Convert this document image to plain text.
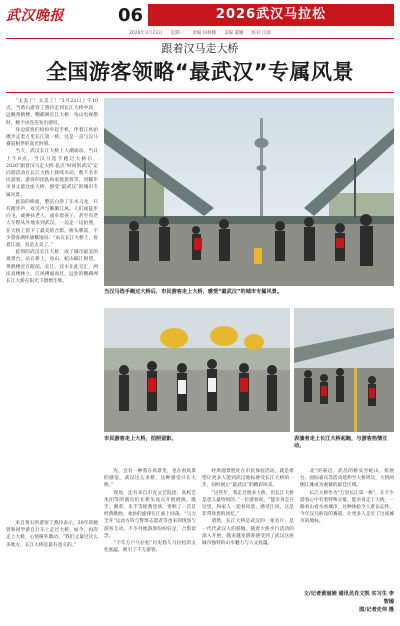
武汉晚报	06	2026武汉马拉松
2026年3月23日 星期一 责编 何林娜 美编 董姗 校对 江晴
跟着汉马走大桥
全国游客领略“最武汉”专属风景

“太美了！太美了！”3月22日上午10点，当黄石游客丁燕玲走到长江大桥中段，远眺黄鹤楼、鹦鹉洲长江大桥、龟山电视塔时，她不由连连发出感叹。

身边游客们纷纷举起手机，伴着江风拍摄步走着万里长江第一桥。这是一直与汉马赛道相伴的高光时刻。

当天，武汉长江大桥上人潮涌动。当日上午9点，当汉马选手跑过大桥后，2026“跟着汉马走大桥·花点”时间的武汉”定向游活动在长江大桥上接续水动，数千名市民游客、游客的团队和家庭旅客等，用脚步亲身丈量这座大桥，感受“最武汉”的城市专属风景。

此前的桥面，整洁白净了车水马龙，只有踏步声、欢笑声与鹅鹅江风。人们或徒步向飞，或搀扶老人、或牵着孩子，甚至有老人专程从外地来到武汉，一边走一边拍照，在大桥上留下了最美的合影。桥头牌前，不少游客满怀感慨地说：“站在长江大桥上，看着江面，真是太美了。”

此刻的武汉长江大桥，成了城市最美的观景台。站在桥上，龟山、蛇山隔江相望，黄鹤楼近在眼前，长江、汉水在此交汇，两岸高楼林立，江风拂面而过，远处的鹦鹉洲长江大桥在阳光下熠熠生辉。

当汉马选手跑过大桥后，市民游客走上大桥，感受“最武汉”的城市专属风景。
市民游客走上大桥，拍照留影。	表演者走上长江大桥起跑，与游客热情互动。

来自黄石的游客丁燕玲表示，30年前她曾和同学游自行车上走过大桥。如今，再次走上大桥，心情格外激动。“我们丈量过这么多地方，长江大桥是最有意义的。”

先，会有一种我在风景里，也在看风景的感觉。武汉这么多桥，这种感受只在大桥。”

现场，还有来自市直文艺院团、高校艺术团等的演员们在桥头设点开展展演。歌手、舞者、乐手等轮番登场，奏响了一首首经典歌曲，欢快的旋律在江面上回荡。“马力全开”运动方阵与警察志愿者等也来到现场与游客互动，不少外地游客纷纷驻足，合影留念。

“千年万户马拉松”历史悠久马拉松的文化底蕴，吸引了千万游客。

经典地景胜处在市民体验活动，就是希望让更多人能到武汉地标感受长江大桥的一步，同时展示“最武汉”的精彩风采。

“这些年，我走过很多大桥，但长江大桥是意义最特别的。”一位游客说，“能亲身走在这里，和家人一起看风景，感受江风，这是非常珍贵的回忆。”

诸然，长江大桥是武汉的一张名片，是一代代武汉人的骄傲。随着大桥步行活动的深入开展，越来越多游客感受到了武汉这座城市独特的山水魅力与人文底蕴。

北”的豪迈。武昌的桥头至蛇山，将展台、国际嘉宾等活动延伸至大桥周边，大桥两侧江滩成为观赛的最佳区域。

长江大桥作为“万里长江第一桥”，在不少游客心中有着特殊分量，能亲身走上大桥，一路看山看水看城市，这种体验令人难以忘怀。今年汉马新设的赛道，让更多人走近了这座城市的地标。

文/记者黄丽娟 通讯员肖文凯 实习生 李智嫣
图/记者史伟 摄
